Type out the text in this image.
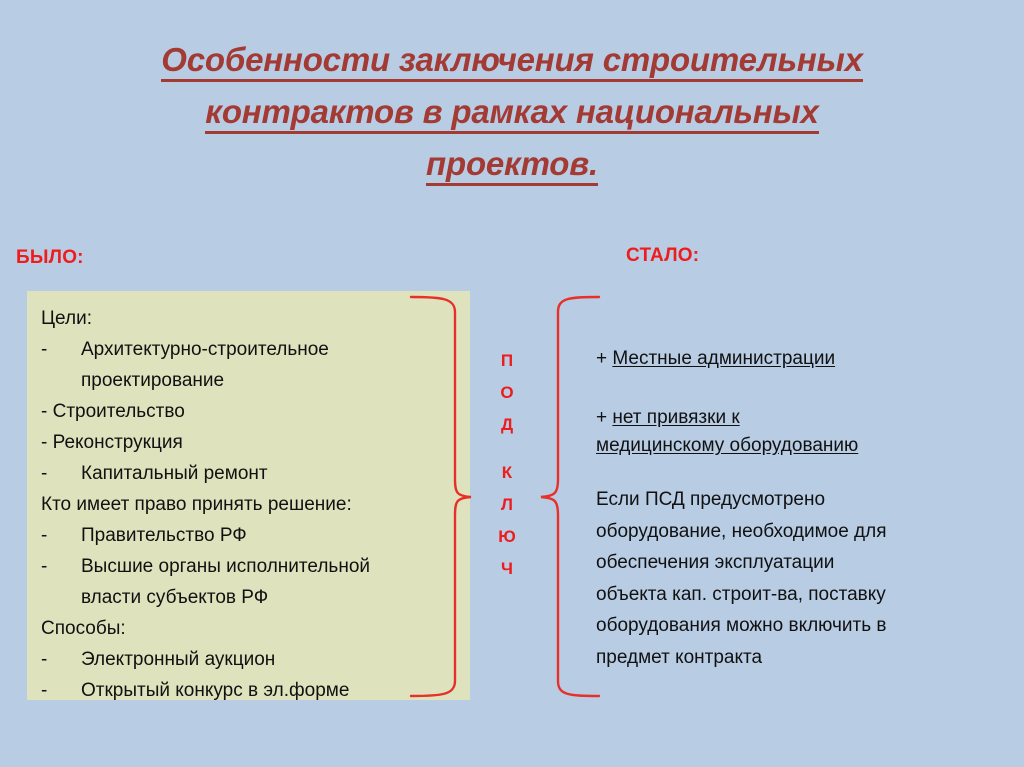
Особенности заключения строительных
контрактов в рамках национальных
проектов.
БЫЛО:	СТАЛО:
Цели:
- Архитектурно-строительное
проектирование
- Строительство
- Реконструкция
- Капитальный ремонт
Кто имеет право принять решение:
- Правительство РФ
- Высшие органы исполнительной
власти субъектов РФ
Способы:
- Электронный аукцион
- Открытый конкурс в эл.форме
П
О
Д
К
Л
Ю
Ч
+ Местные администрации
+ нет привязки к
медицинскому оборудованию
Если ПСД предусмотрено
оборудование, необходимое для
обеспечения эксплуатации
объекта кап. строит-ва, поставку
оборудования можно включить в
предмет контракта
